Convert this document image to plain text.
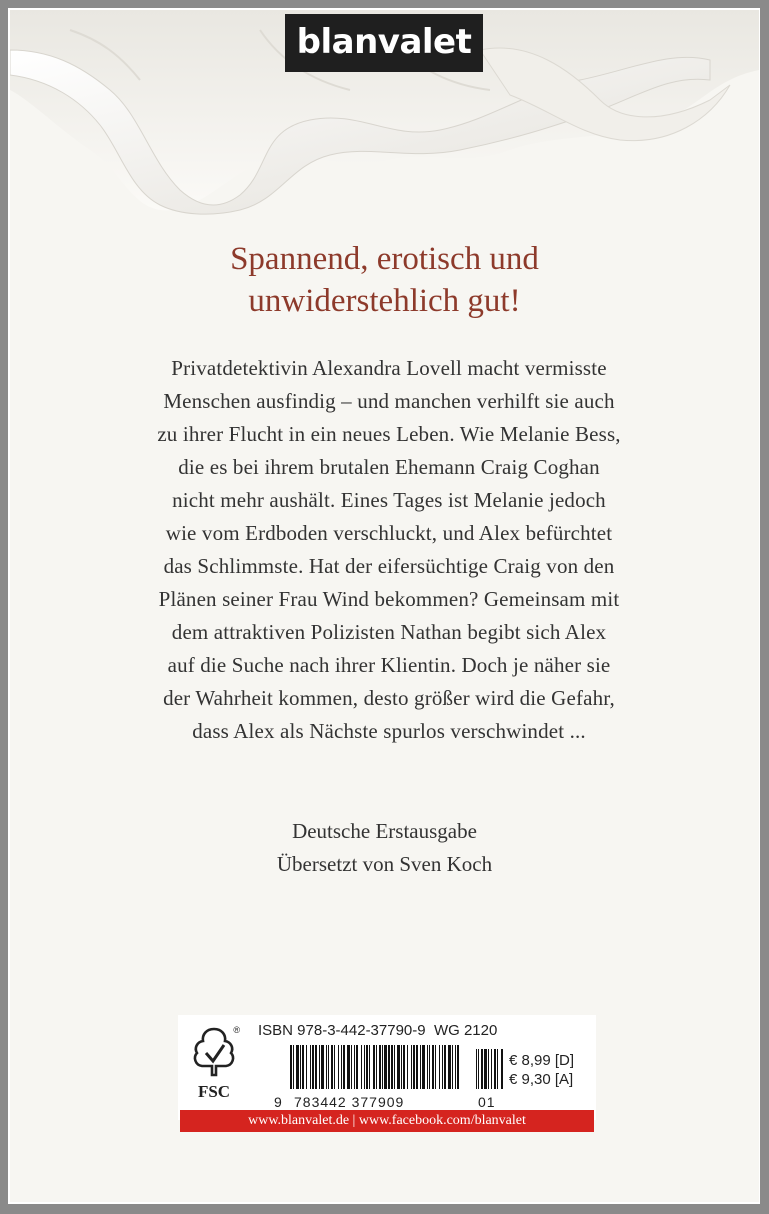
blanvalet
Spannend, erotisch und
unwiderstehlich gut!
Privatdetektivin Alexandra Lovell macht vermisste
Menschen ausfindig – und manchen verhilft sie auch
zu ihrer Flucht in ein neues Leben. Wie Melanie Bess,
die es bei ihrem brutalen Ehemann Craig Coghan
nicht mehr aushält. Eines Tages ist Melanie jedoch
wie vom Erdboden verschluckt, und Alex befürchtet
das Schlimmste. Hat der eifersüchtige Craig von den
Plänen seiner Frau Wind bekommen? Gemeinsam mit
dem attraktiven Polizisten Nathan begibt sich Alex
auf die Suche nach ihrer Klientin. Doch je näher sie
der Wahrheit kommen, desto größer wird die Gefahr,
dass Alex als Nächste spurlos verschwindet ...
Deutsche Erstausgabe
Übersetzt von Sven Koch
FSC
® ISBN 978-3-442-37790-9 WG 2120
9 783442 377909	01
€ 8,99 [D]
€ 9,30 [A]
www.blanvalet.de | www.facebook.com/blanvalet
